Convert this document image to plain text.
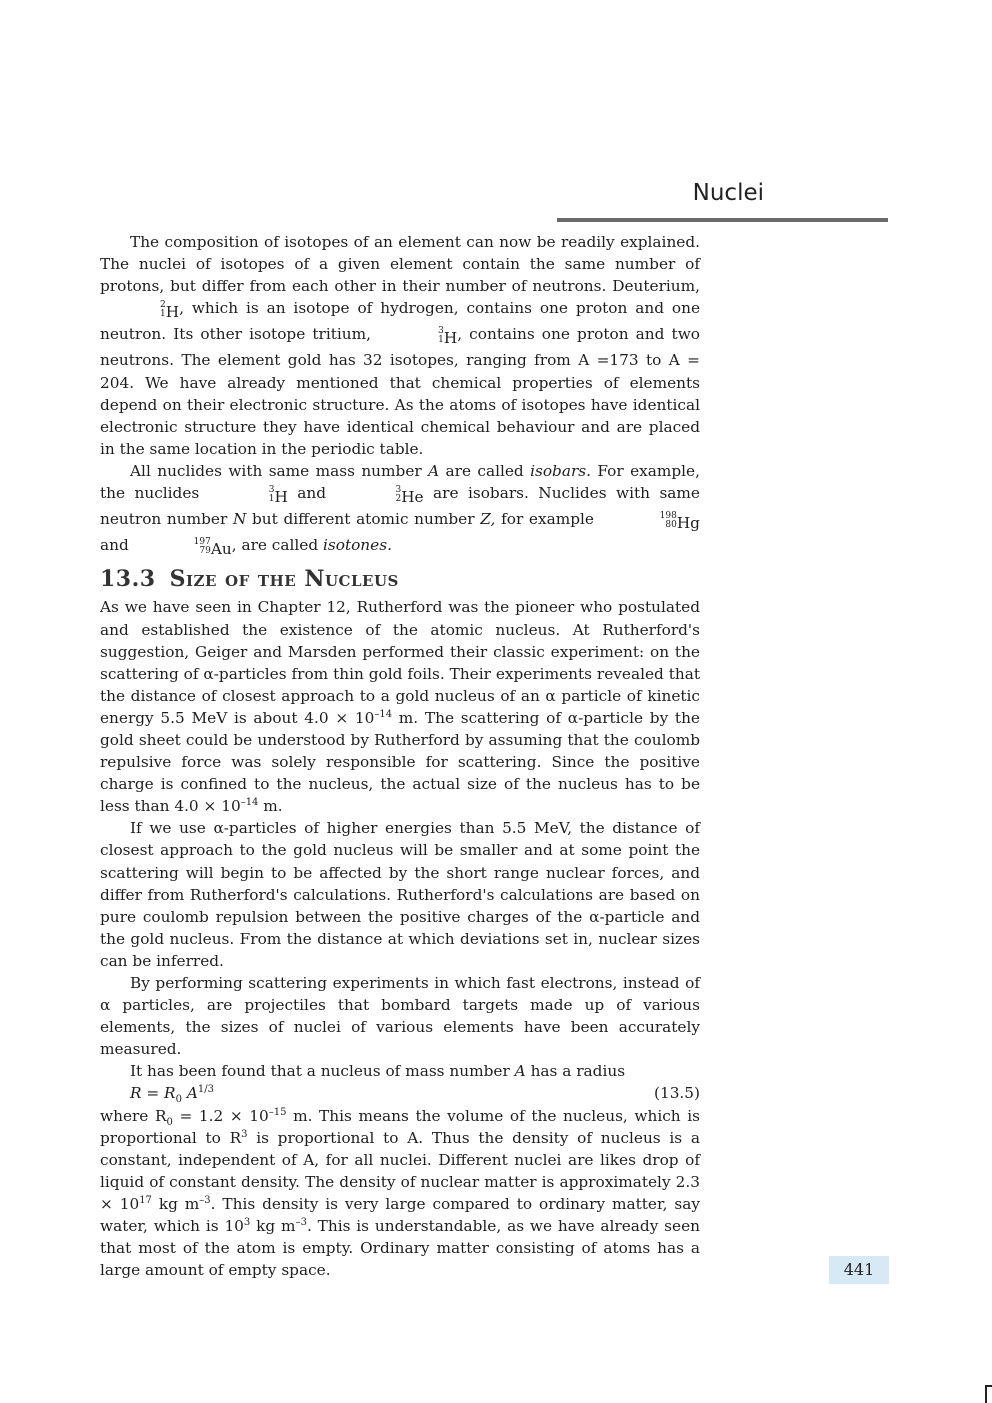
Nuclei

The composition of isotopes of an element can now be readily explained. The nuclei of isotopes of a given element contain the same number of protons, but differ from each other in their number of neutrons. Deuterium,
2
1 H, which is an isotope of hydrogen, contains one proton and one neutron. Its other isotope tritium,	3
1 H, contains one proton and two neutrons. The element gold has 32 isotopes, ranging from A =173 to A = 204. We have already mentioned that chemical properties of elements depend on their electronic structure. As the atoms of isotopes have identical electronic structure they have identical chemical behaviour and are placed in the same location in the periodic table.

All nuclides with same mass number A are called isobars. For example, the nuclides	3
1 H and	3
2 He are isobars. Nuclides with same neutron number N but different atomic number Z, for example	198
80 Hg and	197
79 Au, are called isotones.

13.3 Size of the Nucleus

As we have seen in Chapter 12, Rutherford was the pioneer who postulated and established the existence of the atomic nucleus. At Rutherford's suggestion, Geiger and Marsden performed their classic experiment: on the scattering of α-particles from thin gold foils. Their experiments revealed that the distance of closest approach to a gold nucleus of an α particle of kinetic energy 5.5 MeV is about $4.0 \times 10^{-14}$ m. The scattering of α-particle by the gold sheet could be understood by Rutherford by assuming that the coulomb repulsive force was solely responsible for scattering. Since the positive charge is confined to the nucleus, the actual size of the nucleus has to be less than $4.0 \times 10^{-14}$ m.

If we use α-particles of higher energies than 5.5 MeV, the distance of closest approach to the gold nucleus will be smaller and at some point the scattering will begin to be affected by the short range nuclear forces, and differ from Rutherford's calculations. Rutherford's calculations are based on pure coulomb repulsion between the positive charges of the α-particle and the gold nucleus. From the distance at which deviations set in, nuclear sizes can be inferred.

By performing scattering experiments in which fast electrons, instead of α particles, are projectiles that bombard targets made up of various elements, the sizes of nuclei of various elements have been accurately measured.

It has been found that a nucleus of mass number A has a radius

$R = R_0$ $A^{1/3}$	(13.5)

where $R_0 = 1.2 \times 10^{-15}$ m. This means the volume of the nucleus, which is proportional to $R^3$ is proportional to A. Thus the density of nucleus is a constant, independent of A, for all nuclei. Different nuclei are likes drop of liquid of constant density. The density of nuclear matter is approximately $2.3 \times 10^{17}$ kg $m^{-3}$. This density is very large compared to ordinary matter, say water, which is $10^3$ kg $m^{-3}$. This is understandable, as we have already seen that most of the atom is empty. Ordinary matter consisting of atoms has a large amount of empty space.	441
